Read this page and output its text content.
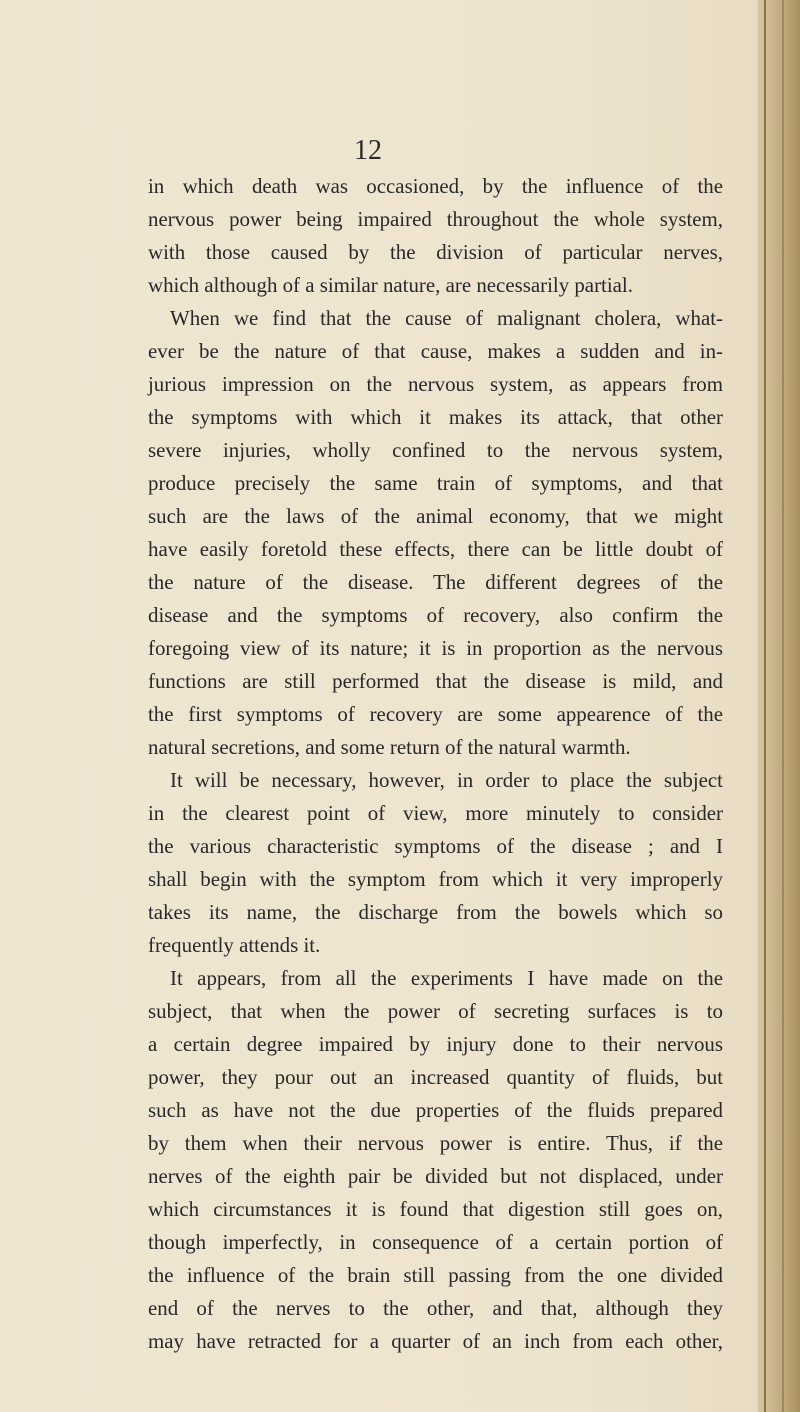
12
in which death was occasioned, by the influence of the
nervous power being impaired throughout the whole system,
with those caused by the division of particular nerves,
which although of a similar nature, are necessarily partial.
When we find that the cause of malignant cholera, what-
ever be the nature of that cause, makes a sudden and in-
jurious impression on the nervous system, as appears from
the symptoms with which it makes its attack, that other
severe injuries, wholly confined to the nervous system,
produce precisely the same train of symptoms, and that
such are the laws of the animal economy, that we might
have easily foretold these effects, there can be little doubt of
the nature of the disease. The different degrees of the
disease and the symptoms of recovery, also confirm the
foregoing view of its nature; it is in proportion as the nervous
functions are still performed that the disease is mild, and
the first symptoms of recovery are some appearence of the
natural secretions, and some return of the natural warmth.
It will be necessary, however, in order to place the subject
in the clearest point of view, more minutely to consider
the various characteristic symptoms of the disease ; and I
shall begin with the symptom from which it very improperly
takes its name, the discharge from the bowels which so
frequently attends it.
It appears, from all the experiments I have made on the
subject, that when the power of secreting surfaces is to
a certain degree impaired by injury done to their nervous
power, they pour out an increased quantity of fluids, but
such as have not the due properties of the fluids prepared
by them when their nervous power is entire. Thus, if the
nerves of the eighth pair be divided but not displaced, under
which circumstances it is found that digestion still goes on,
though imperfectly, in consequence of a certain portion of
the influence of the brain still passing from the one divided
end of the nerves to the other, and that, although they
may have retracted for a quarter of an inch from each other,
